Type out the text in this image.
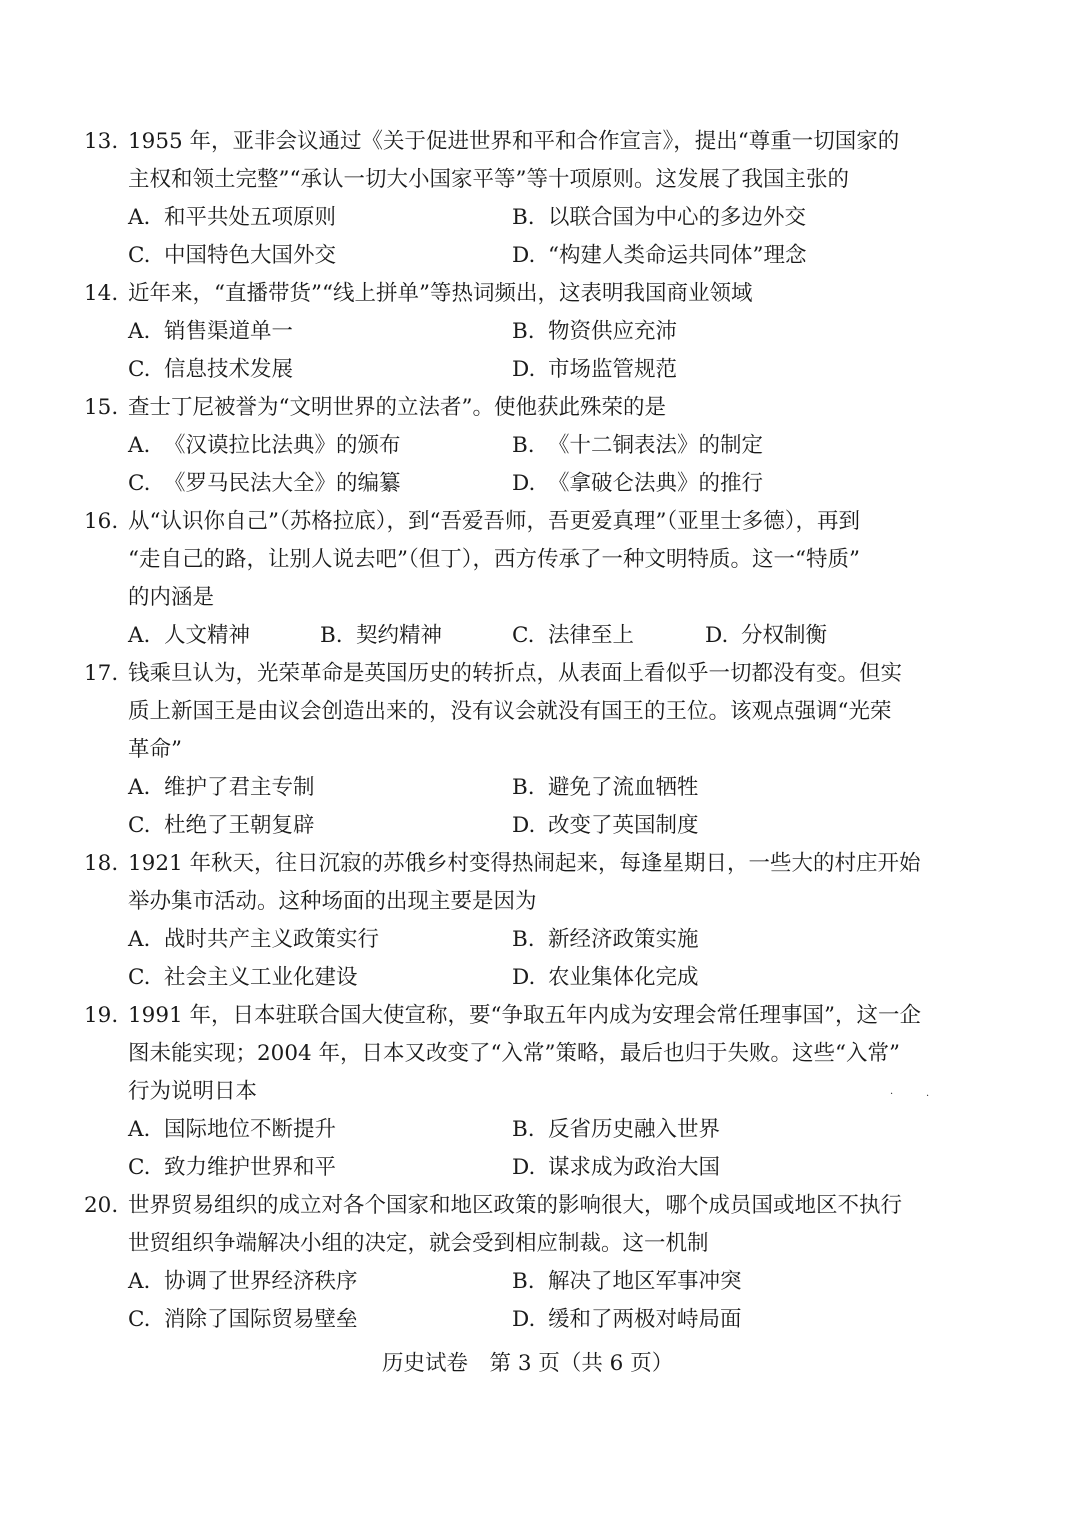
13. 1955 年，亚非会议通过《关于促进世界和平和合作宣言》，提出“尊重一切国家的
主权和领土完整”“承认一切大小国家平等”等十项原则。这发展了我国主张的
A. 和平共处五项原则	B. 以联合国为中心的多边外交
C. 中国特色大国外交	D. “构建人类命运共同体”理念
14. 近年来，“直播带货”“线上拼单”等热词频出，这表明我国商业领域
A. 销售渠道单一	B. 物资供应充沛
C. 信息技术发展	D. 市场监管规范
15. 查士丁尼被誉为“文明世界的立法者”。使他获此殊荣的是
A. 《汉谟拉比法典》的颁布	B. 《十二铜表法》的制定
C. 《罗马民法大全》的编纂	D. 《拿破仑法典》的推行
16. 从“认识你自己”（苏格拉底），到“吾爱吾师，吾更爱真理”（亚里士多德），再到
“走自己的路，让别人说去吧”（但丁），西方传承了一种文明特质。这一“特质”
的内涵是
A. 人文精神	B. 契约精神	C. 法律至上	D. 分权制衡
17. 钱乘旦认为，光荣革命是英国历史的转折点，从表面上看似乎一切都没有变。但实
质上新国王是由议会创造出来的，没有议会就没有国王的王位。该观点强调“光荣
革命”
A. 维护了君主专制	B. 避免了流血牺牲
C. 杜绝了王朝复辟	D. 改变了英国制度
18. 1921 年秋天，往日沉寂的苏俄乡村变得热闹起来，每逢星期日，一些大的村庄开始
举办集市活动。这种场面的出现主要是因为
A. 战时共产主义政策实行	B. 新经济政策实施
C. 社会主义工业化建设	D. 农业集体化完成
19. 1991 年，日本驻联合国大使宣称，要“争取五年内成为安理会常任理事国”，这一企
图未能实现；2004 年，日本又改变了“入常”策略，最后也归于失败。这些“入常”
行为说明日本
A. 国际地位不断提升	B. 反省历史融入世界
C. 致力维护世界和平	D. 谋求成为政治大国
20. 世界贸易组织的成立对各个国家和地区政策的影响很大，哪个成员国或地区不执行
世贸组织争端解决小组的决定，就会受到相应制裁。这一机制
A. 协调了世界经济秩序	B. 解决了地区军事冲突
C. 消除了国际贸易壁垒	D. 缓和了两极对峙局面
历史试卷　第 3 页（共 6 页）
·	·
